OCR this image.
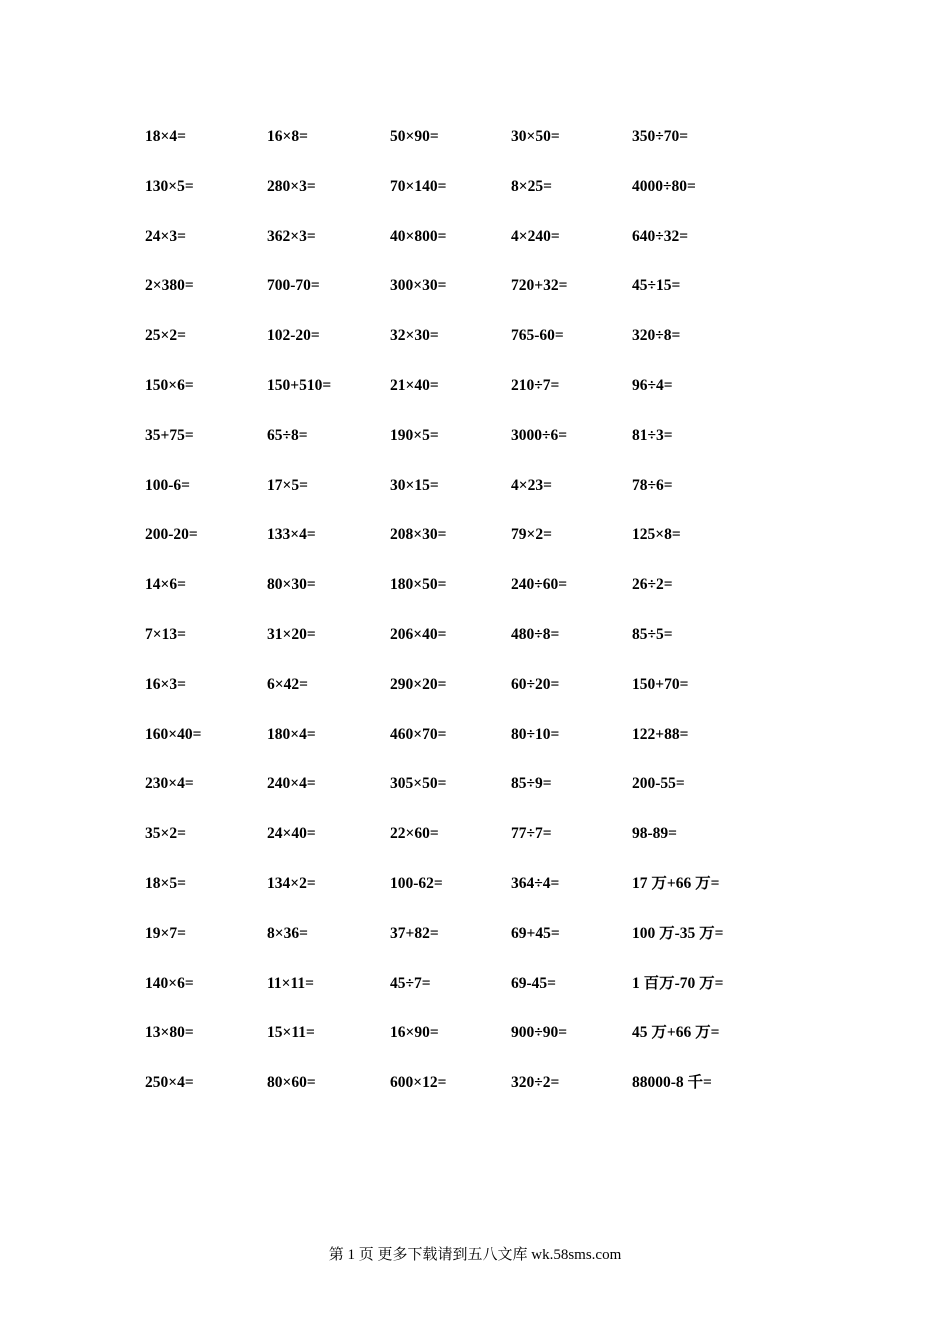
18×4=	16×8=	50×90=	30×50=	350÷70=
130×5=	280×3=	70×140=	8×25=	4000÷80=
24×3=	362×3=	40×800=	4×240=	640÷32=
2×380=	700-70=	300×30=	720+32=	45÷15=
25×2=	102-20=	32×30=	765-60=	320÷8=
150×6=	150+510=	21×40=	210÷7=	96÷4=
35+75=	65÷8=	190×5=	3000÷6=	81÷3=
100-6=	17×5=	30×15=	4×23=	78÷6=
200-20=	133×4=	208×30=	79×2=	125×8=
14×6=	80×30=	180×50=	240÷60=	26÷2=
7×13=	31×20=	206×40=	480÷8=	85÷5=
16×3=	6×42=	290×20=	60÷20=	150+70=
160×40=	180×4=	460×70=	80÷10=	122+88=
230×4=	240×4=	305×50=	85÷9=	200-55=
35×2=	24×40=	22×60=	77÷7=	98-89=
18×5=	134×2=	100-62=	364÷4=	17 万+66 万=
19×7=	8×36=	37+82=	69+45=	100 万-35 万=
140×6=	11×11=	45÷7=	69-45=	1 百万-70 万=
13×80=	15×11=	16×90=	900÷90=	45 万+66 万=
250×4=	80×60=	600×12=	320÷2=	88000-8 千=
第 1 页 更多下载请到五八文库 wk.58sms.com
